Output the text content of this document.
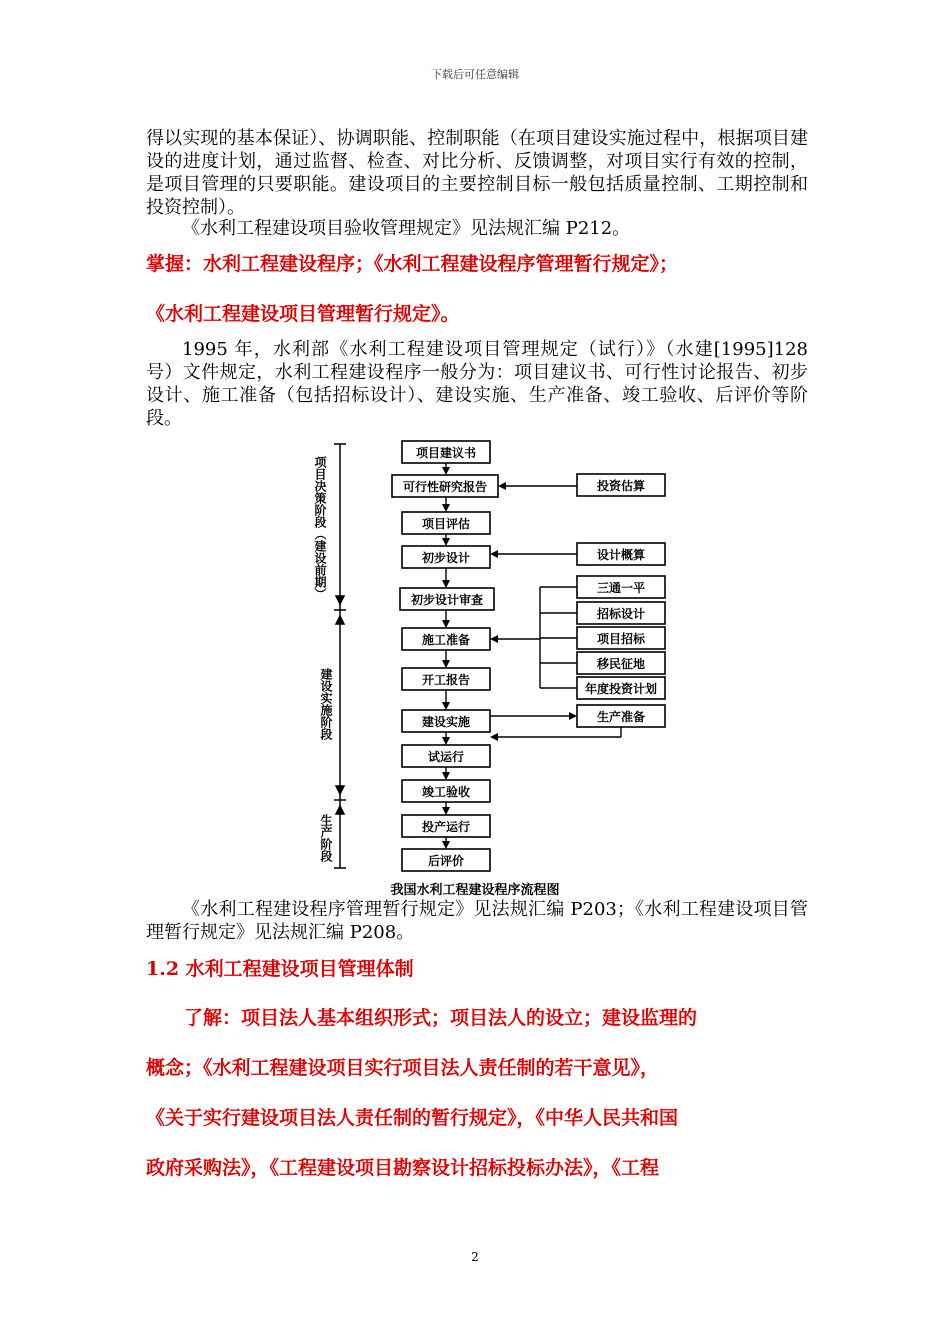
下载后可任意编辑

得以实现的基本保证）、协调职能、控制职能（在项目建设实施过程中，根据项目建设的进度计划，通过监督、检查、对比分析、反馈调整，对项目实行有效的控制，是项目管理的只要职能。建设项目的主要控制目标一般包括质量控制、工期控制和投资控制）。

《水利工程建设项目验收管理规定》见法规汇编 P212。

掌握：水利工程建设程序；《水利工程建设程序管理暂行规定》；
《水利工程建设项目管理暂行规定》。

1995 年，水利部《水利工程建设项目管理规定（试行）》（水建[1995]128 号）文件规定，水利工程建设程序一般分为：项目建议书、可行性讨论报告、初步设计、施工准备（包括招标设计）、建设实施、生产准备、竣工验收、后评价等阶段。

项目建议书
可行性研究报告
项目评估
初步设计
初步设计审查
施工准备
开工报告
建设实施
试运行
竣工验收
投产运行
后评价
投资估算
设计概算
三通一平
招标设计
项目招标
移民征地
年度投资计划
生产准备
项目决策阶段（建设前期）
建设实施阶段
生产阶段
我国水利工程建设程序流程图

《水利工程建设程序管理暂行规定》见法规汇编 P203；《水利工程建设项目管理暂行规定》见法规汇编 P208。

1.2 水利工程建设项目管理体制
了解：项目法人基本组织形式；项目法人的设立；建设监理的
概念；《水利工程建设项目实行项目法人责任制的若干意见》，
《关于实行建设项目法人责任制的暂行规定》，《中华人民共和国
政府采购法》，《工程建设项目勘察设计招标投标办法》，《工程
2
